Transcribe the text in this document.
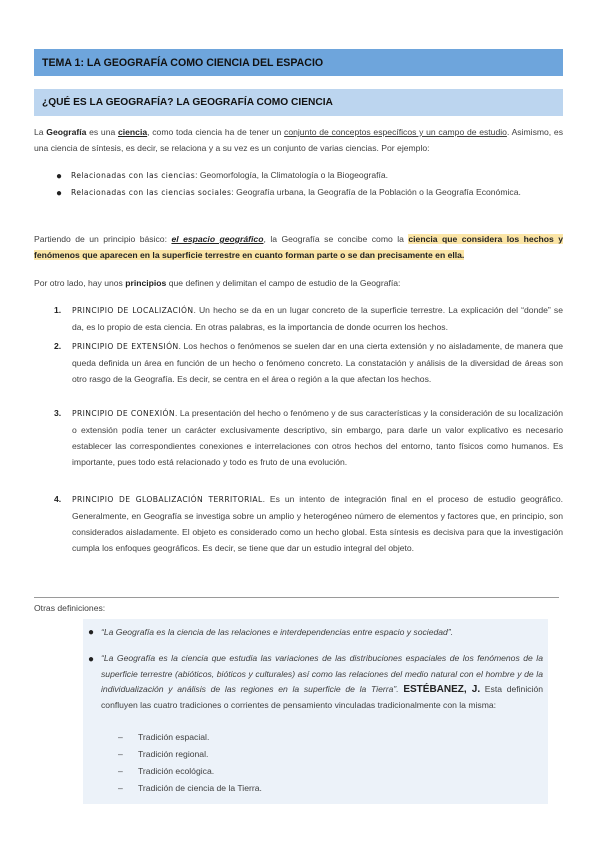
TEMA 1: LA GEOGRAFÍA COMO CIENCIA DEL ESPACIO
¿QUÉ ES LA GEOGRAFÍA? LA GEOGRAFÍA COMO CIENCIA
La Geografía es una ciencia, como toda ciencia ha de tener un conjunto de conceptos específicos y un campo de estudio. Asimismo, es una ciencia de síntesis, es decir, se relaciona y a su vez es un conjunto de varias ciencias. Por ejemplo:
● Relacionadas con las ciencias: Geomorfología, la Climatología o la Biogeografía.
● Relacionadas con las ciencias sociales: Geografía urbana, la Geografía de la Población o la Geografía Económica.
Partiendo de un principio básico: el espacio geográfico, la Geografía se concibe como la ciencia que considera los hechos y fenómenos que aparecen en la superficie terrestre en cuanto forman parte o se dan precisamente en ella.
Por otro lado, hay unos principios que definen y delimitan el campo de estudio de la Geografía:
1. PRINCIPIO DE LOCALIZACIÓN. Un hecho se da en un lugar concreto de la superficie terrestre. La explicación del “donde” se da, es lo propio de esta ciencia. En otras palabras, es la importancia de donde ocurren los hechos.
2. PRINCIPIO DE EXTENSIÓN. Los hechos o fenómenos se suelen dar en una cierta extensión y no aisladamente, de manera que queda definida un área en función de un hecho o fenómeno concreto. La constatación y análisis de la diversidad de áreas son otro rasgo de la Geografía. Es decir, se centra en el área o región a la que afectan los hechos.
3. PRINCIPIO DE CONEXIÓN. La presentación del hecho o fenómeno y de sus características y la consideración de su localización o extensión podía tener un carácter exclusivamente descriptivo, sin embargo, para darle un valor explicativo es necesario establecer las correspondientes conexiones e interrelaciones con otros hechos del entorno, tanto físicos como humanos. Es importante, pues todo está relacionado y todo es fruto de una evolución.
4. PRINCIPIO DE GLOBALIZACIÓN TERRITORIAL. Es un intento de integración final en el proceso de estudio geográfico. Generalmente, en Geografía se investiga sobre un amplio y heterogéneo número de elementos y factores que, en principio, son considerados aisladamente. El objeto es considerado como un hecho global. Esta síntesis es decisiva para que la investigación cumpla los enfoques geográficos. Es decir, se tiene que dar un estudio integral del objeto.
Otras definiciones:
● “La Geografía es la ciencia de las relaciones e interdependencias entre espacio y sociedad”.
● “La Geografía es la ciencia que estudia las variaciones de las distribuciones espaciales de los fenómenos de la superficie terrestre (abióticos, bióticos y culturales) así como las relaciones del medio natural con el hombre y de la individualización y análisis de las regiones en la superficie de la Tierra”. ESTÉBANEZ, J. Esta definición confluyen las cuatro tradiciones o corrientes de pensamiento vinculadas tradicionalmente con la misma:
– Tradición espacial.
– Tradición regional.
– Tradición ecológica.
– Tradición de ciencia de la Tierra.
